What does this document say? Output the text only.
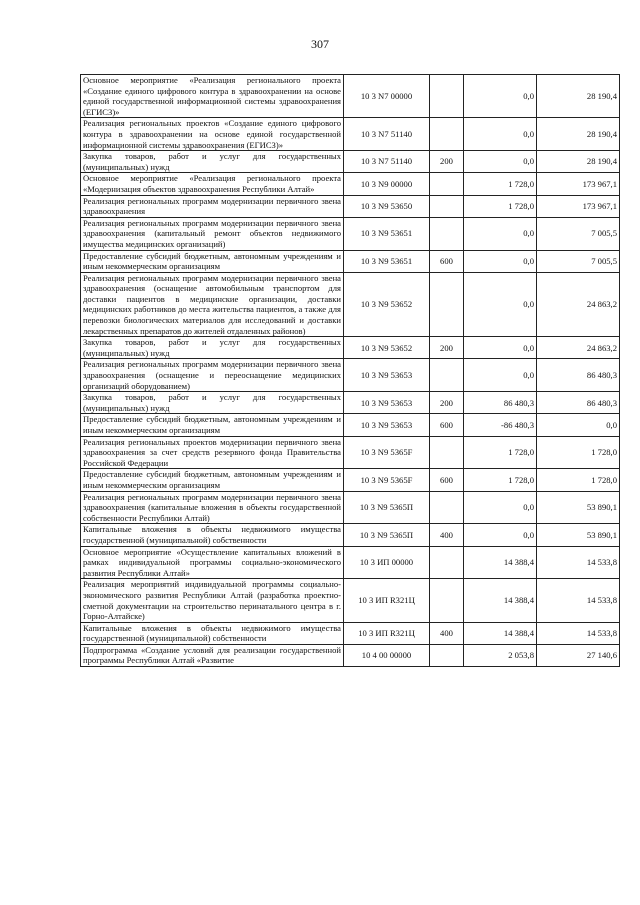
307
Основное мероприятие «Реализация регионального проекта «Создание единого цифрового контура в здравоохранении на основе единой государственной информационной системы здравоохранения (ЕГИСЗ)»	10 3 N7 00000		0,0	28 190,4
Реализация региональных проектов «Создание единого цифрового контура в здравоохранении на основе единой государственной информационной системы здравоохранения (ЕГИСЗ)»	10 3 N7 51140		0,0	28 190,4
Закупка товаров, работ и услуг для государственных (муниципальных) нужд	10 3 N7 51140	200	0,0	28 190,4
Основное мероприятие «Реализация регионального проекта «Модернизация объектов здравоохранения Республики Алтай»	10 3 N9 00000		1 728,0	173 967,1
Реализация региональных программ модернизации первичного звена здравоохранения	10 3 N9 53650		1 728,0	173 967,1
Реализация региональных программ модернизации первичного звена здравоохранения (капитальный ремонт объектов недвижимого имущества медицинских организаций)	10 3 N9 53651		0,0	7 005,5
Предоставление субсидий бюджетным, автономным учреждениям и иным некоммерческим организациям	10 3 N9 53651	600	0,0	7 005,5
Реализация региональных программ модернизации первичного звена здравоохранения (оснащение автомобильным транспортом для доставки пациентов в медицинские организации, доставки медицинских работников до места жительства пациентов, а также для перевозки биологических материалов для исследований и доставки лекарственных препаратов до жителей отдаленных районов)	10 3 N9 53652		0,0	24 863,2
Закупка товаров, работ и услуг для государственных (муниципальных) нужд	10 3 N9 53652	200	0,0	24 863,2
Реализация региональных программ модернизации первичного звена здравоохранения (оснащение и переоснащение медицинских организаций оборудованием)	10 3 N9 53653		0,0	86 480,3
Закупка товаров, работ и услуг для государственных (муниципальных) нужд	10 3 N9 53653	200	86 480,3	86 480,3
Предоставление субсидий бюджетным, автономным учреждениям и иным некоммерческим организациям	10 3 N9 53653	600	-86 480,3	0,0
Реализация региональных проектов модернизации первичного звена здравоохранения за счет средств резервного фонда Правительства Российской Федерации	10 3 N9 5365F		1 728,0	1 728,0
Предоставление субсидий бюджетным, автономным учреждениям и иным некоммерческим организациям	10 3 N9 5365F	600	1 728,0	1 728,0
Реализация региональных программ модернизации первичного звена здравоохранения (капитальные вложения в объекты государственной собственности Республики Алтай)	10 3 N9 5365П		0,0	53 890,1
Капитальные вложения в объекты недвижимого имущества государственной (муниципальной) собственности	10 3 N9 5365П	400	0,0	53 890,1
Основное мероприятие «Осуществление капитальных вложений в рамках индивидуальной программы социально-экономического развития Республики Алтай»	10 3 ИП 00000		14 388,4	14 533,8
Реализация мероприятий индивидуальной программы социально-экономического развития Республики Алтай (разработка проектно-сметной документации на строительство перинатального центра в г. Горно-Алтайске)	10 3 ИП R321Ц		14 388,4	14 533,8
Капитальные вложения в объекты недвижимого имущества государственной (муниципальной) собственности	10 3 ИП R321Ц	400	14 388,4	14 533,8
Подпрограмма «Создание условий для реализации государственной программы Республики Алтай «Развитие	10 4 00 00000		2 053,8	27 140,6
